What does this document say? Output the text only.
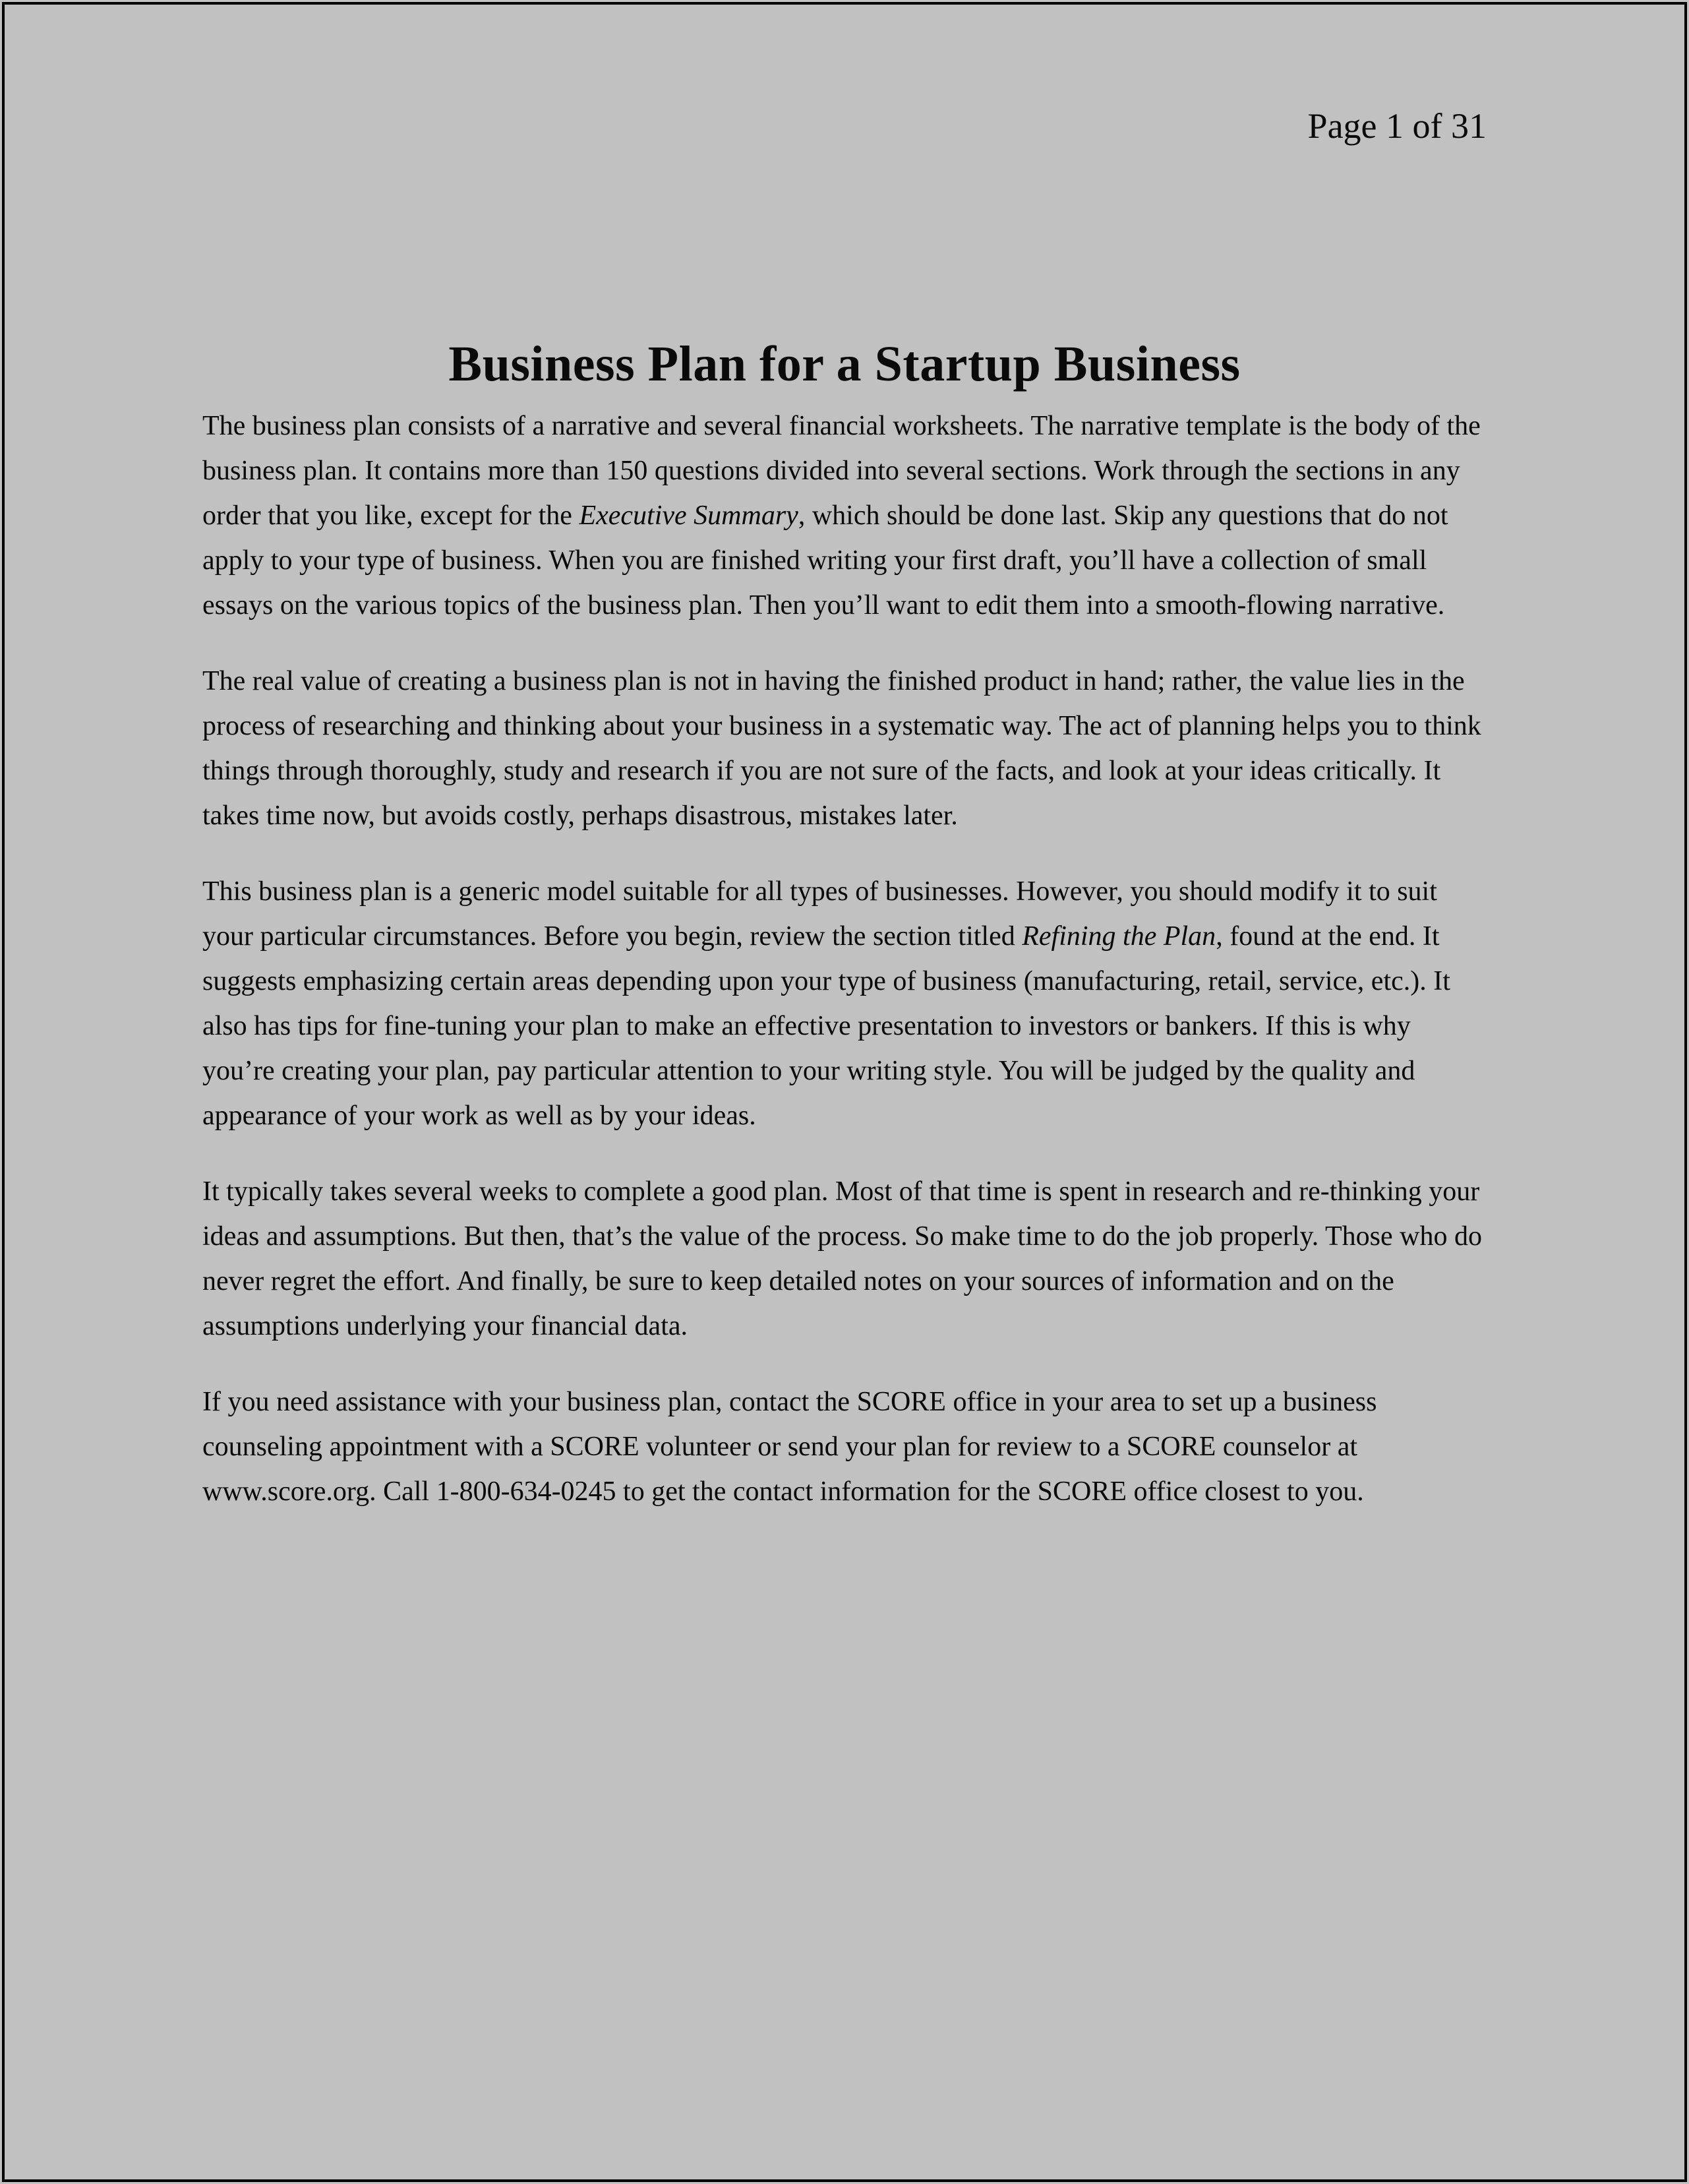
Page 1 of 31
Business Plan for a Startup Business

The business plan consists of a narrative and several financial worksheets. The narrative template is the body of the business plan. It contains more than 150 questions divided into several sections. Work through the sections in any order that you like, except for the Executive Summary, which should be done last. Skip any questions that do not apply to your type of business. When you are finished writing your first draft, you’ll have a collection of small essays on the various topics of the business plan. Then you’ll want to edit them into a smooth-flowing narrative.

The real value of creating a business plan is not in having the finished product in hand; rather, the value lies in the process of researching and thinking about your business in a systematic way. The act of planning helps you to think things through thoroughly, study and research if you are not sure of the facts, and look at your ideas critically. It takes time now, but avoids costly, perhaps disastrous, mistakes later.

This business plan is a generic model suitable for all types of businesses. However, you should modify it to suit your particular circumstances. Before you begin, review the section titled Refining the Plan, found at the end. It suggests emphasizing certain areas depending upon your type of business (manufacturing, retail, service, etc.). It also has tips for fine-tuning your plan to make an effective presentation to investors or bankers. If this is why you’re creating your plan, pay particular attention to your writing style. You will be judged by the quality and appearance of your work as well as by your ideas.

It typically takes several weeks to complete a good plan. Most of that time is spent in research and re-thinking your ideas and assumptions. But then, that’s the value of the process. So make time to do the job properly. Those who do never regret the effort. And finally, be sure to keep detailed notes on your sources of information and on the assumptions underlying your financial data.

If you need assistance with your business plan, contact the SCORE office in your area to set up a business counseling appointment with a SCORE volunteer or send your plan for review to a SCORE counselor at www.score.org. Call 1-800-634-0245 to get the contact information for the SCORE office closest to you.
